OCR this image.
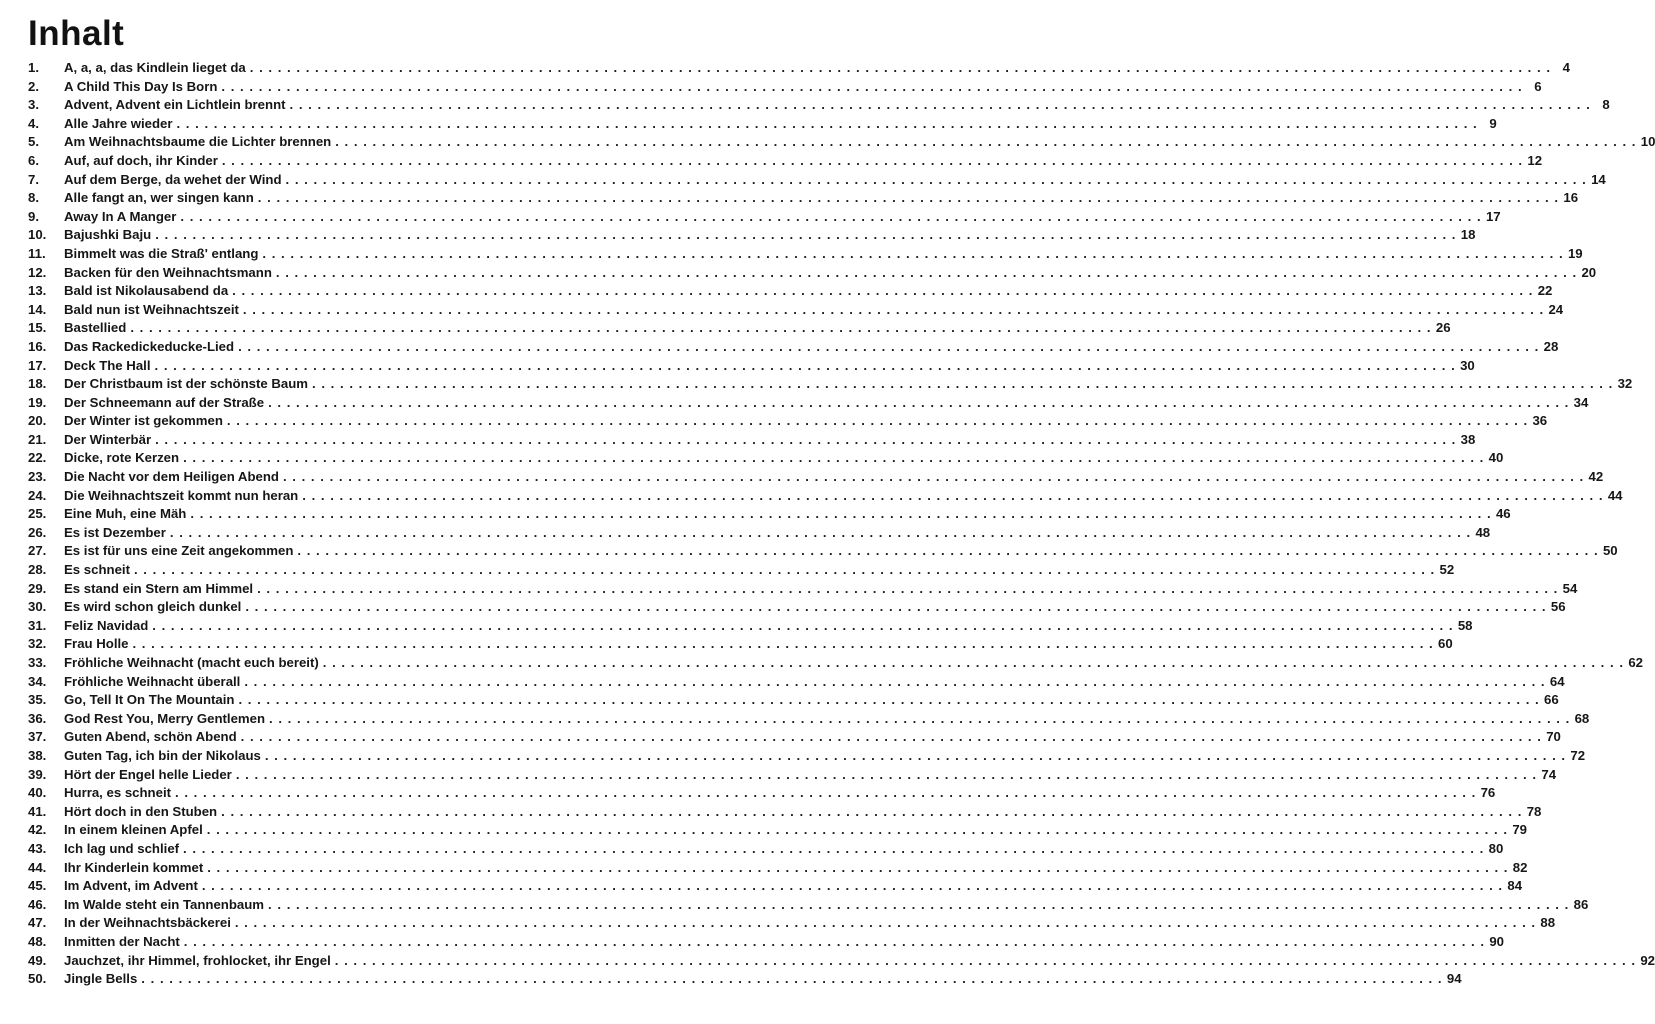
Inhalt
1.	A, a, a, das Kindlein lieget da . . . . . . . . . . . . . . . . . . . . . . . . . . . . . . . . . . . . . . . . . . . . . . . . . . . . . . . . . . . . . . . . . . . . . . . . . . . . . . . . . . . . . . . . . . . . . . . . . . . . . . . . . . . . . . . . . . . . . . . . . . . . . . . . . . . . . . . . . . . . 4
2.	A Child This Day Is Born . . . . . . . . . . . . . . . . . . . . . . . . . . . . . . . . . . . . . . . . . . . . . . . . . . . . . . . . . . . . . . . . . . . . . . . . . . . . . . . . . . . . . . . . . . . . . . . . . . . . . . . . . . . . . . . . . . . . . . . . . . . . . . . . . . . . . . . . . . . . 6
3.	Advent, Advent ein Lichtlein brennt . . . . . . . . . . . . . . . . . . . . . . . . . . . . . . . . . . . . . . . . . . . . . . . . . . . . . . . . . . . . . . . . . . . . . . . . . . . . . . . . . . . . . . . . . . . . . . . . . . . . . . . . . . . . . . . . . . . . . . . . . . . . . . . . . . . . . . . . . . . . 8
4.	Alle Jahre wieder . . . . . . . . . . . . . . . . . . . . . . . . . . . . . . . . . . . . . . . . . . . . . . . . . . . . . . . . . . . . . . . . . . . . . . . . . . . . . . . . . . . . . . . . . . . . . . . . . . . . . . . . . . . . . . . . . . . . . . . . . . . . . . . . . . . . . . . . . . . . 9
5.	Am Weihnachtsbaume die Lichter brennen . . . . . . . . . . . . . . . . . . . . . . . . . . . . . . . . . . . . . . . . . . . . . . . . . . . . . . . . . . . . . . . . . . . . . . . . . . . . . . . . . . . . . . . . . . . . . . . . . . . . . . . . . . . . . . . . . . . . . . . . . . . . . . . . . . . . . . . . . . . . 10
6.	Auf, auf doch, ihr Kinder . . . . . . . . . . . . . . . . . . . . . . . . . . . . . . . . . . . . . . . . . . . . . . . . . . . . . . . . . . . . . . . . . . . . . . . . . . . . . . . . . . . . . . . . . . . . . . . . . . . . . . . . . . . . . . . . . . . . . . . . . . . . . . . . . . . . . . . . . . . . 12
7.	Auf dem Berge, da wehet der Wind . . . . . . . . . . . . . . . . . . . . . . . . . . . . . . . . . . . . . . . . . . . . . . . . . . . . . . . . . . . . . . . . . . . . . . . . . . . . . . . . . . . . . . . . . . . . . . . . . . . . . . . . . . . . . . . . . . . . . . . . . . . . . . . . . . . . . . . . . . . . 14
8.	Alle fangt an, wer singen kann . . . . . . . . . . . . . . . . . . . . . . . . . . . . . . . . . . . . . . . . . . . . . . . . . . . . . . . . . . . . . . . . . . . . . . . . . . . . . . . . . . . . . . . . . . . . . . . . . . . . . . . . . . . . . . . . . . . . . . . . . . . . . . . . . . . . . . . . . . . . 16
9.	Away In A Manger . . . . . . . . . . . . . . . . . . . . . . . . . . . . . . . . . . . . . . . . . . . . . . . . . . . . . . . . . . . . . . . . . . . . . . . . . . . . . . . . . . . . . . . . . . . . . . . . . . . . . . . . . . . . . . . . . . . . . . . . . . . . . . . . . . . . . . . . . . . . 17
10.	Bajushki Baju . . . . . . . . . . . . . . . . . . . . . . . . . . . . . . . . . . . . . . . . . . . . . . . . . . . . . . . . . . . . . . . . . . . . . . . . . . . . . . . . . . . . . . . . . . . . . . . . . . . . . . . . . . . . . . . . . . . . . . . . . . . . . . . . . . . . . . . . . . . . 18
11.	Bimmelt was die Straß' entlang . . . . . . . . . . . . . . . . . . . . . . . . . . . . . . . . . . . . . . . . . . . . . . . . . . . . . . . . . . . . . . . . . . . . . . . . . . . . . . . . . . . . . . . . . . . . . . . . . . . . . . . . . . . . . . . . . . . . . . . . . . . . . . . . . . . . . . . . . . . . 19
12.	Backen für den Weihnachtsmann . . . . . . . . . . . . . . . . . . . . . . . . . . . . . . . . . . . . . . . . . . . . . . . . . . . . . . . . . . . . . . . . . . . . . . . . . . . . . . . . . . . . . . . . . . . . . . . . . . . . . . . . . . . . . . . . . . . . . . . . . . . . . . . . . . . . . . . . . . . . 20
13.	Bald ist Nikolausabend da . . . . . . . . . . . . . . . . . . . . . . . . . . . . . . . . . . . . . . . . . . . . . . . . . . . . . . . . . . . . . . . . . . . . . . . . . . . . . . . . . . . . . . . . . . . . . . . . . . . . . . . . . . . . . . . . . . . . . . . . . . . . . . . . . . . . . . . . . . . . 22
14.	Bald nun ist Weihnachtszeit . . . . . . . . . . . . . . . . . . . . . . . . . . . . . . . . . . . . . . . . . . . . . . . . . . . . . . . . . . . . . . . . . . . . . . . . . . . . . . . . . . . . . . . . . . . . . . . . . . . . . . . . . . . . . . . . . . . . . . . . . . . . . . . . . . . . . . . . . . . . 24
15.	Bastellied . . . . . . . . . . . . . . . . . . . . . . . . . . . . . . . . . . . . . . . . . . . . . . . . . . . . . . . . . . . . . . . . . . . . . . . . . . . . . . . . . . . . . . . . . . . . . . . . . . . . . . . . . . . . . . . . . . . . . . . . . . . . . . . . . . . . . . . . . . . . 26
16.	Das Rackedickeducke-Lied . . . . . . . . . . . . . . . . . . . . . . . . . . . . . . . . . . . . . . . . . . . . . . . . . . . . . . . . . . . . . . . . . . . . . . . . . . . . . . . . . . . . . . . . . . . . . . . . . . . . . . . . . . . . . . . . . . . . . . . . . . . . . . . . . . . . . . . . . . . . 28
17.	Deck The Hall . . . . . . . . . . . . . . . . . . . . . . . . . . . . . . . . . . . . . . . . . . . . . . . . . . . . . . . . . . . . . . . . . . . . . . . . . . . . . . . . . . . . . . . . . . . . . . . . . . . . . . . . . . . . . . . . . . . . . . . . . . . . . . . . . . . . . . . . . . . . 30
18.	Der Christbaum ist der schönste Baum . . . . . . . . . . . . . . . . . . . . . . . . . . . . . . . . . . . . . . . . . . . . . . . . . . . . . . . . . . . . . . . . . . . . . . . . . . . . . . . . . . . . . . . . . . . . . . . . . . . . . . . . . . . . . . . . . . . . . . . . . . . . . . . . . . . . . . . . . . . . 32
19.	Der Schneemann auf der Straße . . . . . . . . . . . . . . . . . . . . . . . . . . . . . . . . . . . . . . . . . . . . . . . . . . . . . . . . . . . . . . . . . . . . . . . . . . . . . . . . . . . . . . . . . . . . . . . . . . . . . . . . . . . . . . . . . . . . . . . . . . . . . . . . . . . . . . . . . . . . 34
20.	Der Winter ist gekommen . . . . . . . . . . . . . . . . . . . . . . . . . . . . . . . . . . . . . . . . . . . . . . . . . . . . . . . . . . . . . . . . . . . . . . . . . . . . . . . . . . . . . . . . . . . . . . . . . . . . . . . . . . . . . . . . . . . . . . . . . . . . . . . . . . . . . . . . . . . . 36
21.	Der Winterbär . . . . . . . . . . . . . . . . . . . . . . . . . . . . . . . . . . . . . . . . . . . . . . . . . . . . . . . . . . . . . . . . . . . . . . . . . . . . . . . . . . . . . . . . . . . . . . . . . . . . . . . . . . . . . . . . . . . . . . . . . . . . . . . . . . . . . . . . . . . . 38
22.	Dicke, rote Kerzen . . . . . . . . . . . . . . . . . . . . . . . . . . . . . . . . . . . . . . . . . . . . . . . . . . . . . . . . . . . . . . . . . . . . . . . . . . . . . . . . . . . . . . . . . . . . . . . . . . . . . . . . . . . . . . . . . . . . . . . . . . . . . . . . . . . . . . . . . . . . 40
23.	Die Nacht vor dem Heiligen Abend . . . . . . . . . . . . . . . . . . . . . . . . . . . . . . . . . . . . . . . . . . . . . . . . . . . . . . . . . . . . . . . . . . . . . . . . . . . . . . . . . . . . . . . . . . . . . . . . . . . . . . . . . . . . . . . . . . . . . . . . . . . . . . . . . . . . . . . . . . . . 42
24.	Die Weihnachtszeit kommt nun heran . . . . . . . . . . . . . . . . . . . . . . . . . . . . . . . . . . . . . . . . . . . . . . . . . . . . . . . . . . . . . . . . . . . . . . . . . . . . . . . . . . . . . . . . . . . . . . . . . . . . . . . . . . . . . . . . . . . . . . . . . . . . . . . . . . . . . . . . . . . . 44
25.	Eine Muh, eine Mäh . . . . . . . . . . . . . . . . . . . . . . . . . . . . . . . . . . . . . . . . . . . . . . . . . . . . . . . . . . . . . . . . . . . . . . . . . . . . . . . . . . . . . . . . . . . . . . . . . . . . . . . . . . . . . . . . . . . . . . . . . . . . . . . . . . . . . . . . . . . . 46
26.	Es ist Dezember . . . . . . . . . . . . . . . . . . . . . . . . . . . . . . . . . . . . . . . . . . . . . . . . . . . . . . . . . . . . . . . . . . . . . . . . . . . . . . . . . . . . . . . . . . . . . . . . . . . . . . . . . . . . . . . . . . . . . . . . . . . . . . . . . . . . . . . . . . . . 48
27.	Es ist für uns eine Zeit angekommen . . . . . . . . . . . . . . . . . . . . . . . . . . . . . . . . . . . . . . . . . . . . . . . . . . . . . . . . . . . . . . . . . . . . . . . . . . . . . . . . . . . . . . . . . . . . . . . . . . . . . . . . . . . . . . . . . . . . . . . . . . . . . . . . . . . . . . . . . . . . 50
28.	Es schneit . . . . . . . . . . . . . . . . . . . . . . . . . . . . . . . . . . . . . . . . . . . . . . . . . . . . . . . . . . . . . . . . . . . . . . . . . . . . . . . . . . . . . . . . . . . . . . . . . . . . . . . . . . . . . . . . . . . . . . . . . . . . . . . . . . . . . . . . . . . . 52
29.	Es stand ein Stern am Himmel . . . . . . . . . . . . . . . . . . . . . . . . . . . . . . . . . . . . . . . . . . . . . . . . . . . . . . . . . . . . . . . . . . . . . . . . . . . . . . . . . . . . . . . . . . . . . . . . . . . . . . . . . . . . . . . . . . . . . . . . . . . . . . . . . . . . . . . . . . . . 54
30.	Es wird schon gleich dunkel . . . . . . . . . . . . . . . . . . . . . . . . . . . . . . . . . . . . . . . . . . . . . . . . . . . . . . . . . . . . . . . . . . . . . . . . . . . . . . . . . . . . . . . . . . . . . . . . . . . . . . . . . . . . . . . . . . . . . . . . . . . . . . . . . . . . . . . . . . . . 56
31.	Feliz Navidad . . . . . . . . . . . . . . . . . . . . . . . . . . . . . . . . . . . . . . . . . . . . . . . . . . . . . . . . . . . . . . . . . . . . . . . . . . . . . . . . . . . . . . . . . . . . . . . . . . . . . . . . . . . . . . . . . . . . . . . . . . . . . . . . . . . . . . . . . . . . 58
32.	Frau Holle . . . . . . . . . . . . . . . . . . . . . . . . . . . . . . . . . . . . . . . . . . . . . . . . . . . . . . . . . . . . . . . . . . . . . . . . . . . . . . . . . . . . . . . . . . . . . . . . . . . . . . . . . . . . . . . . . . . . . . . . . . . . . . . . . . . . . . . . . . . . 60
33.	Fröhliche Weihnacht (macht euch bereit) . . . . . . . . . . . . . . . . . . . . . . . . . . . . . . . . . . . . . . . . . . . . . . . . . . . . . . . . . . . . . . . . . . . . . . . . . . . . . . . . . . . . . . . . . . . . . . . . . . . . . . . . . . . . . . . . . . . . . . . . . . . . . . . . . . . . . . . . . . . . 62
34.	Fröhliche Weihnacht überall . . . . . . . . . . . . . . . . . . . . . . . . . . . . . . . . . . . . . . . . . . . . . . . . . . . . . . . . . . . . . . . . . . . . . . . . . . . . . . . . . . . . . . . . . . . . . . . . . . . . . . . . . . . . . . . . . . . . . . . . . . . . . . . . . . . . . . . . . . . . 64
35.	Go, Tell It On The Mountain . . . . . . . . . . . . . . . . . . . . . . . . . . . . . . . . . . . . . . . . . . . . . . . . . . . . . . . . . . . . . . . . . . . . . . . . . . . . . . . . . . . . . . . . . . . . . . . . . . . . . . . . . . . . . . . . . . . . . . . . . . . . . . . . . . . . . . . . . . . . 66
36.	God Rest You, Merry Gentlemen . . . . . . . . . . . . . . . . . . . . . . . . . . . . . . . . . . . . . . . . . . . . . . . . . . . . . . . . . . . . . . . . . . . . . . . . . . . . . . . . . . . . . . . . . . . . . . . . . . . . . . . . . . . . . . . . . . . . . . . . . . . . . . . . . . . . . . . . . . . . 68
37.	Guten Abend, schön Abend . . . . . . . . . . . . . . . . . . . . . . . . . . . . . . . . . . . . . . . . . . . . . . . . . . . . . . . . . . . . . . . . . . . . . . . . . . . . . . . . . . . . . . . . . . . . . . . . . . . . . . . . . . . . . . . . . . . . . . . . . . . . . . . . . . . . . . . . . . . . 70
38.	Guten Tag, ich bin der Nikolaus . . . . . . . . . . . . . . . . . . . . . . . . . . . . . . . . . . . . . . . . . . . . . . . . . . . . . . . . . . . . . . . . . . . . . . . . . . . . . . . . . . . . . . . . . . . . . . . . . . . . . . . . . . . . . . . . . . . . . . . . . . . . . . . . . . . . . . . . . . . . 72
39.	Hört der Engel helle Lieder . . . . . . . . . . . . . . . . . . . . . . . . . . . . . . . . . . . . . . . . . . . . . . . . . . . . . . . . . . . . . . . . . . . . . . . . . . . . . . . . . . . . . . . . . . . . . . . . . . . . . . . . . . . . . . . . . . . . . . . . . . . . . . . . . . . . . . . . . . . . 74
40.	Hurra, es schneit . . . . . . . . . . . . . . . . . . . . . . . . . . . . . . . . . . . . . . . . . . . . . . . . . . . . . . . . . . . . . . . . . . . . . . . . . . . . . . . . . . . . . . . . . . . . . . . . . . . . . . . . . . . . . . . . . . . . . . . . . . . . . . . . . . . . . . . . . . . . 76
41.	Hört doch in den Stuben . . . . . . . . . . . . . . . . . . . . . . . . . . . . . . . . . . . . . . . . . . . . . . . . . . . . . . . . . . . . . . . . . . . . . . . . . . . . . . . . . . . . . . . . . . . . . . . . . . . . . . . . . . . . . . . . . . . . . . . . . . . . . . . . . . . . . . . . . . . . 78
42.	In einem kleinen Apfel . . . . . . . . . . . . . . . . . . . . . . . . . . . . . . . . . . . . . . . . . . . . . . . . . . . . . . . . . . . . . . . . . . . . . . . . . . . . . . . . . . . . . . . . . . . . . . . . . . . . . . . . . . . . . . . . . . . . . . . . . . . . . . . . . . . . . . . . . . . . 79
43.	Ich lag und schlief . . . . . . . . . . . . . . . . . . . . . . . . . . . . . . . . . . . . . . . . . . . . . . . . . . . . . . . . . . . . . . . . . . . . . . . . . . . . . . . . . . . . . . . . . . . . . . . . . . . . . . . . . . . . . . . . . . . . . . . . . . . . . . . . . . . . . . . . . . . . 80
44.	Ihr Kinderlein kommet . . . . . . . . . . . . . . . . . . . . . . . . . . . . . . . . . . . . . . . . . . . . . . . . . . . . . . . . . . . . . . . . . . . . . . . . . . . . . . . . . . . . . . . . . . . . . . . . . . . . . . . . . . . . . . . . . . . . . . . . . . . . . . . . . . . . . . . . . . . . 82
45.	Im Advent, im Advent . . . . . . . . . . . . . . . . . . . . . . . . . . . . . . . . . . . . . . . . . . . . . . . . . . . . . . . . . . . . . . . . . . . . . . . . . . . . . . . . . . . . . . . . . . . . . . . . . . . . . . . . . . . . . . . . . . . . . . . . . . . . . . . . . . . . . . . . . . . . 84
46.	Im Walde steht ein Tannenbaum . . . . . . . . . . . . . . . . . . . . . . . . . . . . . . . . . . . . . . . . . . . . . . . . . . . . . . . . . . . . . . . . . . . . . . . . . . . . . . . . . . . . . . . . . . . . . . . . . . . . . . . . . . . . . . . . . . . . . . . . . . . . . . . . . . . . . . . . . . . . 86
47.	In der Weihnachtsbäckerei . . . . . . . . . . . . . . . . . . . . . . . . . . . . . . . . . . . . . . . . . . . . . . . . . . . . . . . . . . . . . . . . . . . . . . . . . . . . . . . . . . . . . . . . . . . . . . . . . . . . . . . . . . . . . . . . . . . . . . . . . . . . . . . . . . . . . . . . . . . . 88
48.	Inmitten der Nacht . . . . . . . . . . . . . . . . . . . . . . . . . . . . . . . . . . . . . . . . . . . . . . . . . . . . . . . . . . . . . . . . . . . . . . . . . . . . . . . . . . . . . . . . . . . . . . . . . . . . . . . . . . . . . . . . . . . . . . . . . . . . . . . . . . . . . . . . . . . . 90
49.	Jauchzet, ihr Himmel, frohlocket, ihr Engel . . . . . . . . . . . . . . . . . . . . . . . . . . . . . . . . . . . . . . . . . . . . . . . . . . . . . . . . . . . . . . . . . . . . . . . . . . . . . . . . . . . . . . . . . . . . . . . . . . . . . . . . . . . . . . . . . . . . . . . . . . . . . . . . . . . . . . . . . . . . 92
50.	Jingle Bells . . . . . . . . . . . . . . . . . . . . . . . . . . . . . . . . . . . . . . . . . . . . . . . . . . . . . . . . . . . . . . . . . . . . . . . . . . . . . . . . . . . . . . . . . . . . . . . . . . . . . . . . . . . . . . . . . . . . . . . . . . . . . . . . . . . . . . . . . . . . 94
